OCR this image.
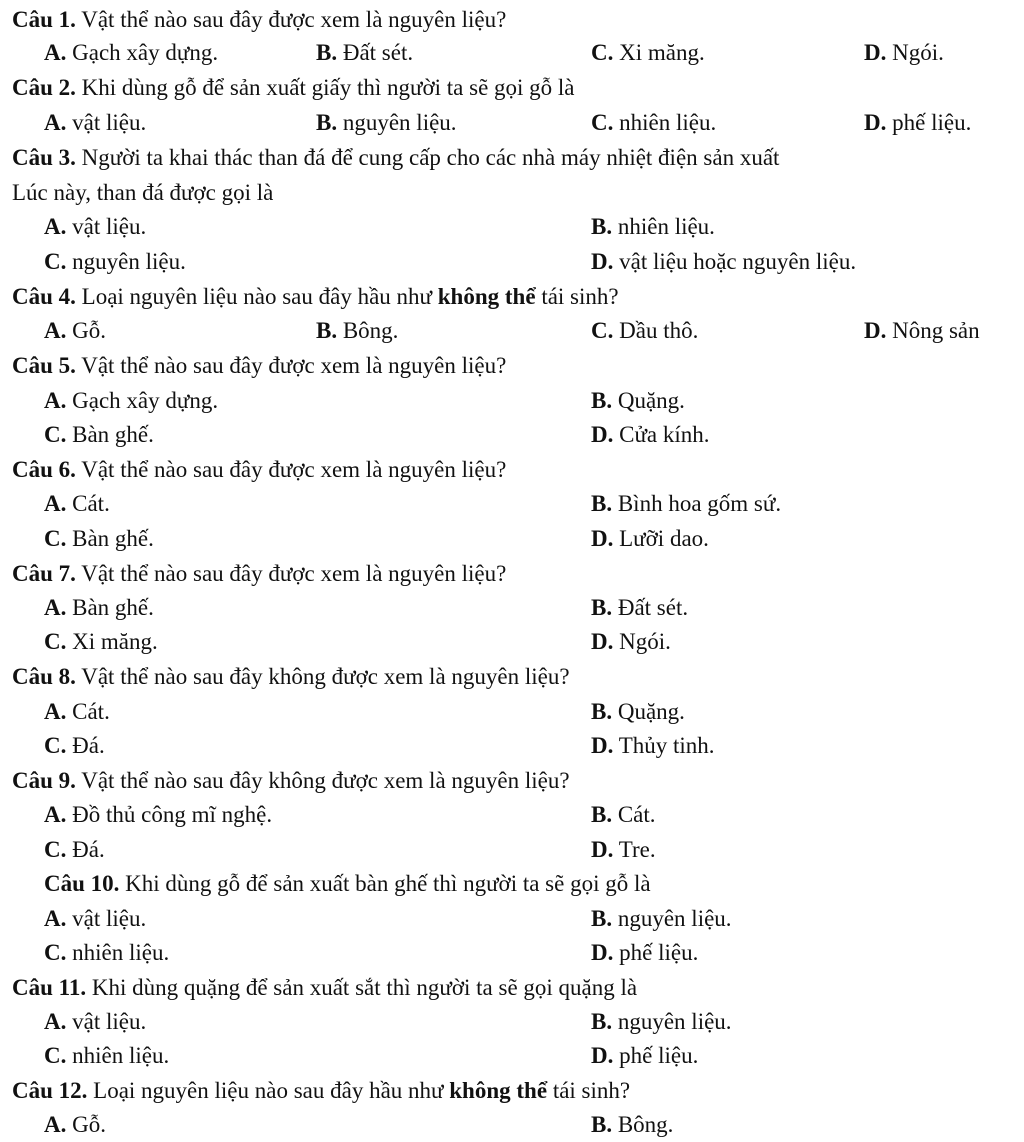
Câu 1. Vật thể nào sau đây được xem là nguyên liệu?
A. Gạch xây dựng.	B. Đất sét.	C. Xi măng.	D. Ngói.
Câu 2. Khi dùng gỗ để sản xuất giấy thì người ta sẽ gọi gỗ là
A. vật liệu.	B. nguyên liệu.	C. nhiên liệu.	D. phế liệu.
Câu 3. Người ta khai thác than đá để cung cấp cho các nhà máy nhiệt điện sản xuất
Lúc này, than đá được gọi là
A. vật liệu.	B. nhiên liệu.
C. nguyên liệu.	D. vật liệu hoặc nguyên liệu.
Câu 4. Loại nguyên liệu nào sau đây hầu như không thể tái sinh?
A. Gỗ.	B. Bông.	C. Dầu thô.	D. Nông sản
Câu 5. Vật thể nào sau đây được xem là nguyên liệu?
A. Gạch xây dựng.	B. Quặng.
C. Bàn ghế.	D. Cửa kính.
Câu 6. Vật thể nào sau đây được xem là nguyên liệu?
A. Cát.	B. Bình hoa gốm sứ.
C. Bàn ghế.	D. Lưỡi dao.
Câu 7. Vật thể nào sau đây được xem là nguyên liệu?
A. Bàn ghế.	B. Đất sét.
C. Xi măng.	D. Ngói.
Câu 8. Vật thể nào sau đây không được xem là nguyên liệu?
A. Cát.	B. Quặng.
C. Đá.	D. Thủy tinh.
Câu 9. Vật thể nào sau đây không được xem là nguyên liệu?
A. Đồ thủ công mĩ nghệ.	B. Cát.
C. Đá.	D. Tre.
Câu 10. Khi dùng gỗ để sản xuất bàn ghế thì người ta sẽ gọi gỗ là
A. vật liệu.	B. nguyên liệu.
C. nhiên liệu.	D. phế liệu.
Câu 11. Khi dùng quặng để sản xuất sắt thì người ta sẽ gọi quặng là
A. vật liệu.	B. nguyên liệu.
C. nhiên liệu.	D. phế liệu.
Câu 12. Loại nguyên liệu nào sau đây hầu như không thể tái sinh?
A. Gỗ.	B. Bông.
